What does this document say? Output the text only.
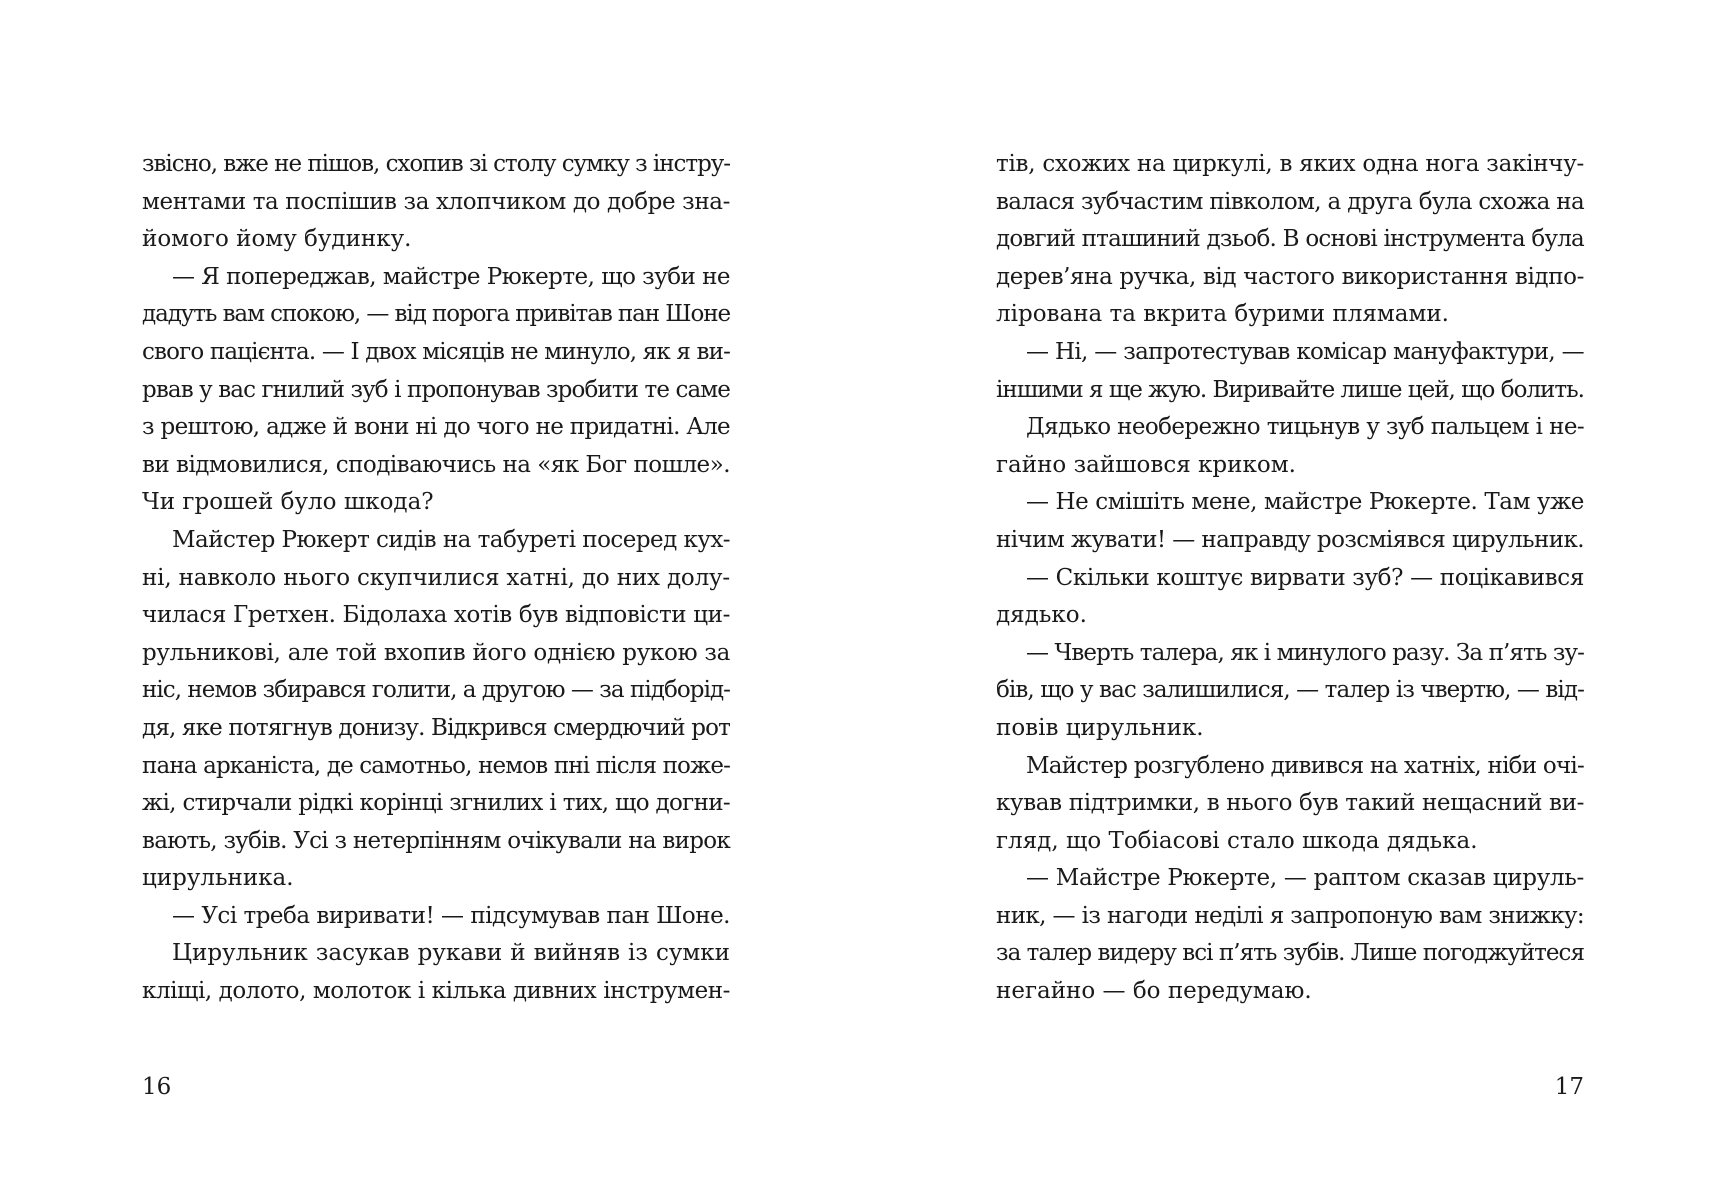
звісно, вже не пішов, схопив зі столу сумку з інстру-
ментами та поспішив за хлопчиком до добре зна-
йомого йому будинку.
— Я попереджав, майстре Рюкерте, що зуби не
дадуть вам спокою, — від порога привітав пан Шоне
свого пацієнта. — І двох місяців не минуло, як я ви-
рвав у вас гнилий зуб і пропонував зробити те саме
з рештою, адже й вони ні до чого не придатні. Але
ви відмовилися, сподіваючись на «як Бог пошле».
Чи грошей було шкода?
Майстер Рюкерт сидів на табуреті посеред кух-
ні, навколо нього скупчилися хатні, до них долу-
чилася Гретхен. Бідолаха хотів був відповісти ци-
рульникові, але той вхопив його однією рукою за
ніс, немов збирався голити, а другою — за підборід-
дя, яке потягнув донизу. Відкрився смердючий рот
пана арканіста, де самотньо, немов пні після поже-
жі, стирчали рідкі корінці згнилих і тих, що догни-
вають, зубів. Усі з нетерпінням очікували на вирок
цирульника.
— Усі треба виривати! — підсумував пан Шоне.
Цирульник засукав рукави й вийняв із сумки
кліщі, долото, молоток і кілька дивних інструмен-
тів, схожих на циркулі, в яких одна нога закінчу-
валася зубчастим півколом, а друга була схожа на
довгий пташиний дзьоб. В основі інструмента була
дерев’яна ручка, від частого використання відпо-
лірована та вкрита бурими плямами.
— Ні, — запротестував комісар мануфактури, —
іншими я ще жую. Виривайте лише цей, що болить.
Дядько необережно тицьнув у зуб пальцем і не-
гайно зайшовся криком.
— Не смішіть мене, майстре Рюкерте. Там уже
нічим жувати! — направду розсміявся цирульник.
— Скільки коштує вирвати зуб? — поцікавився
дядько.
— Чверть талера, як і минулого разу. За п’ять зу-
бів, що у вас залишилися, — талер із чвертю, — від-
повів цирульник.
Майстер розгублено дивився на хатніх, ніби очі-
кував підтримки, в нього був такий нещасний ви-
гляд, що Тобіасові стало шкода дядька.
— Майстре Рюкерте, — раптом сказав цируль-
ник, — із нагоди неділі я запропоную вам знижку:
за талер видеру всі п’ять зубів. Лише погоджуйтеся
негайно — бо передумаю.
16	17
